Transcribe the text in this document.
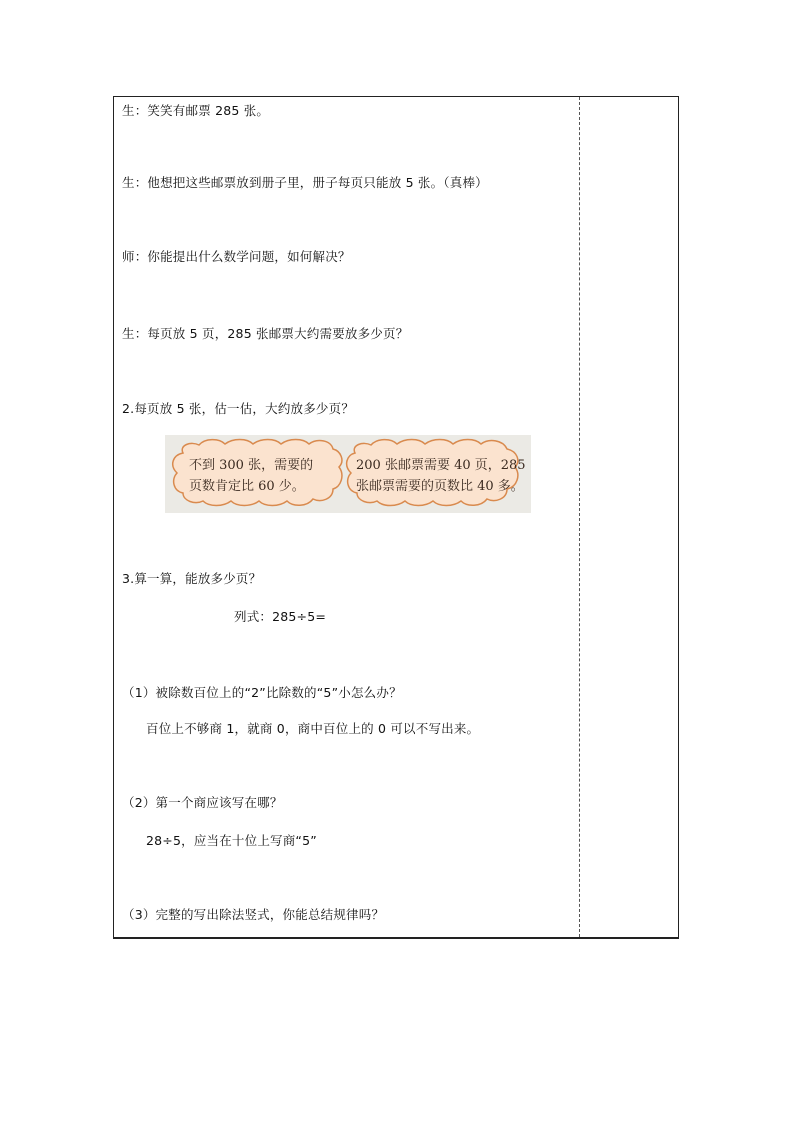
生：笑笑有邮票 285 张。
生：他想把这些邮票放到册子里，册子每页只能放 5 张。（真棒）
师：你能提出什么数学问题，如何解决？
生：每页放 5 页，285 张邮票大约需要放多少页？
2.每页放 5 张，估一估，大约放多少页？
不到 300 张，需要的
页数肯定比 60 少。
200 张邮票需要 40 页，285
张邮票需要的页数比 40 多。
3.算一算，能放多少页？
列式：285÷5=
（1）被除数百位上的“2”比除数的“5”小怎么办？
百位上不够商 1，就商 0，商中百位上的 0 可以不写出来。
（2）第一个商应该写在哪？
28÷5，应当在十位上写商“5”
（3）完整的写出除法竖式，你能总结规律吗？
